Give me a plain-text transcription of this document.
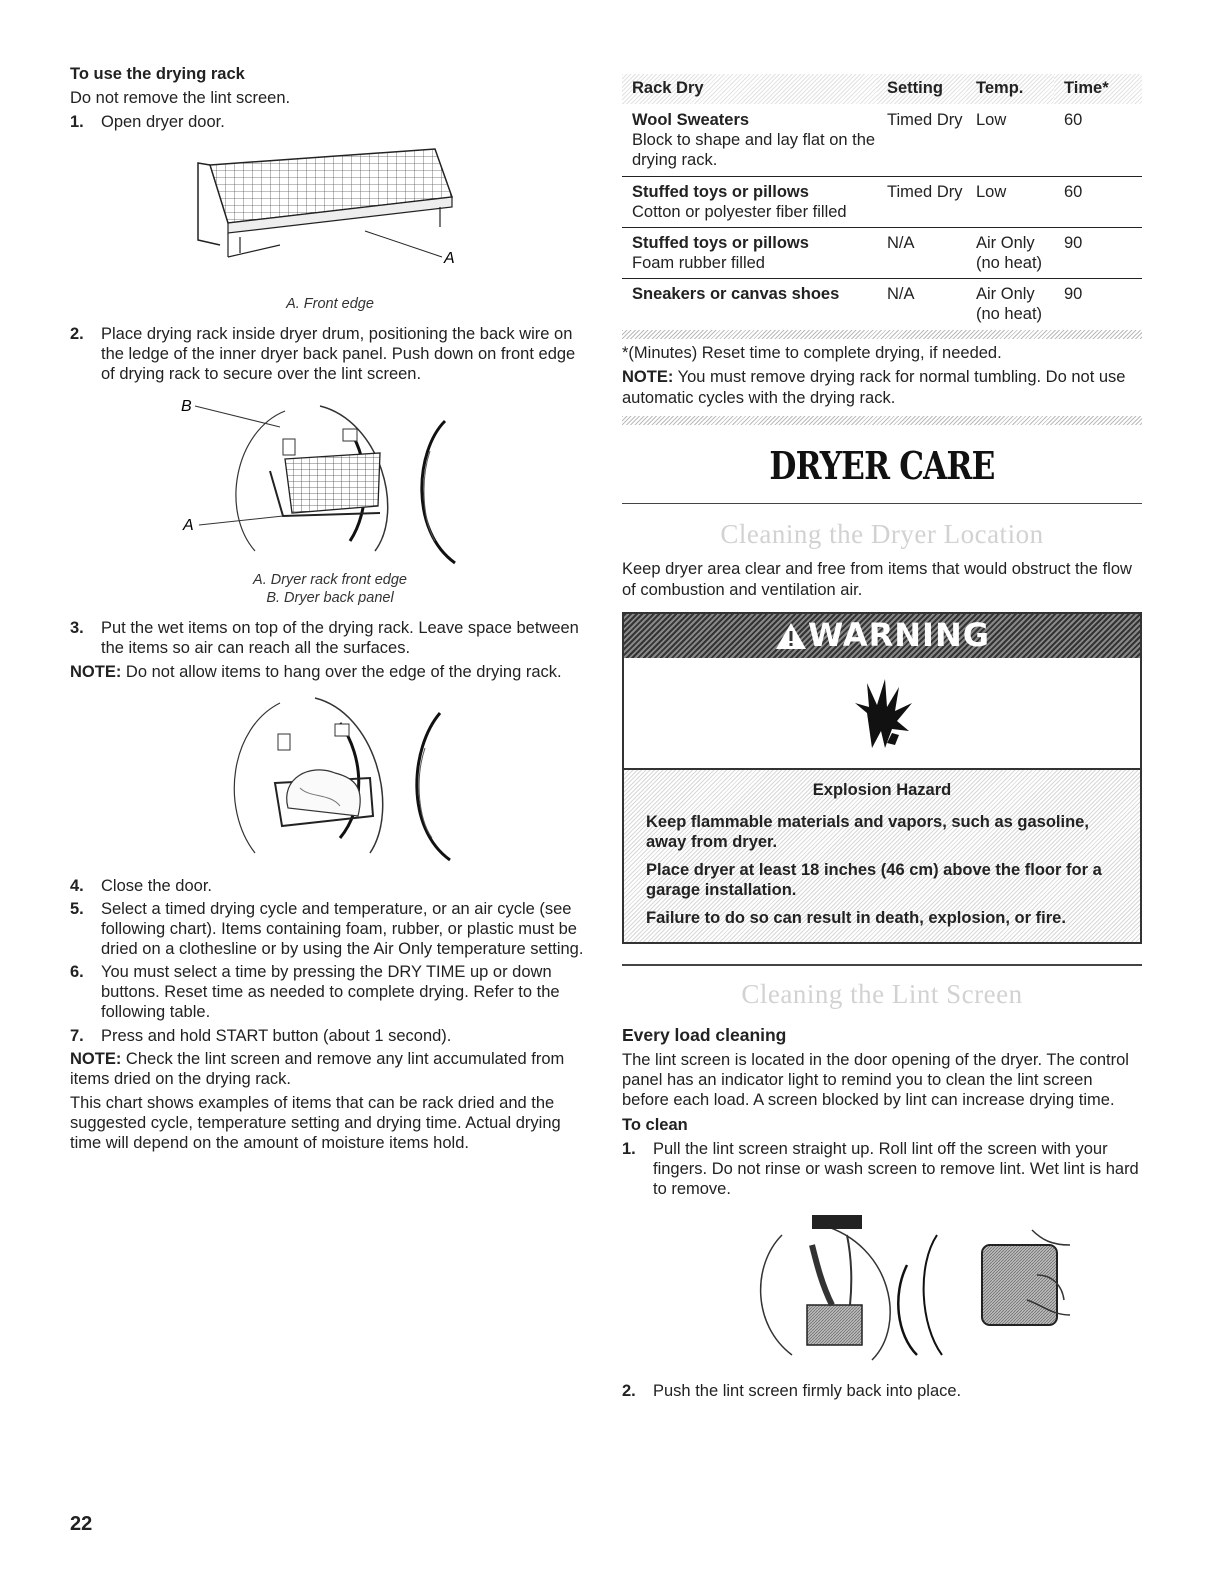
To use the drying rack
Do not remove the lint screen.
1.	Open dryer door.
A
A. Front edge
2.	Place drying rack inside dryer drum, positioning the back wire on the ledge of the inner dryer back panel. Push down on front edge of drying rack to secure over the lint screen.
B
A
A. Dryer rack front edge
B. Dryer back panel
3.	Put the wet items on top of the drying rack. Leave space between the items so air can reach all the surfaces.
NOTE: Do not allow items to hang over the edge of the drying rack.
4.	Close the door.
5.	Select a timed drying cycle and temperature, or an air cycle (see following chart). Items containing foam, rubber, or plastic must be dried on a clothesline or by using the Air Only temperature setting.
6.	You must select a time by pressing the DRY TIME up or down buttons. Reset time as needed to complete drying. Refer to the following table.
7.	Press and hold START button (about 1 second).
NOTE: Check the lint screen and remove any lint accumulated from items dried on the drying rack.
This chart shows examples of items that can be rack dried and the suggested cycle, temperature setting and drying time. Actual drying time will depend on the amount of moisture items hold.
Rack Dry	Setting	Temp.	Time*
Wool Sweaters	Timed Dry	Low	60
Block to shape and lay flat on the drying rack.			
Stuffed toys or pillows	Timed Dry	Low	60
Cotton or polyester fiber filled			
Stuffed toys or pillows	N/A	Air Only (no heat)	90
Foam rubber filled			
Sneakers or canvas shoes	N/A	Air Only (no heat)	90
*(Minutes) Reset time to complete drying, if needed.
NOTE: You must remove drying rack for normal tumbling. Do not use automatic cycles with the drying rack.
DRYER CARE
Cleaning the Dryer Location
Keep dryer area clear and free from items that would obstruct the flow of combustion and ventilation air.
WARNING
Explosion Hazard

Keep flammable materials and vapors, such as gasoline, away from dryer.

Place dryer at least 18 inches (46 cm) above the floor for a garage installation.

Failure to do so can result in death, explosion, or fire.

Cleaning the Lint Screen
Every load cleaning
The lint screen is located in the door opening of the dryer. The control panel has an indicator light to remind you to clean the lint screen before each load. A screen blocked by lint can increase drying time.
To clean
1.	Pull the lint screen straight up. Roll lint off the screen with your fingers. Do not rinse or wash screen to remove lint. Wet lint is hard to remove.
2.	Push the lint screen firmly back into place.
22
